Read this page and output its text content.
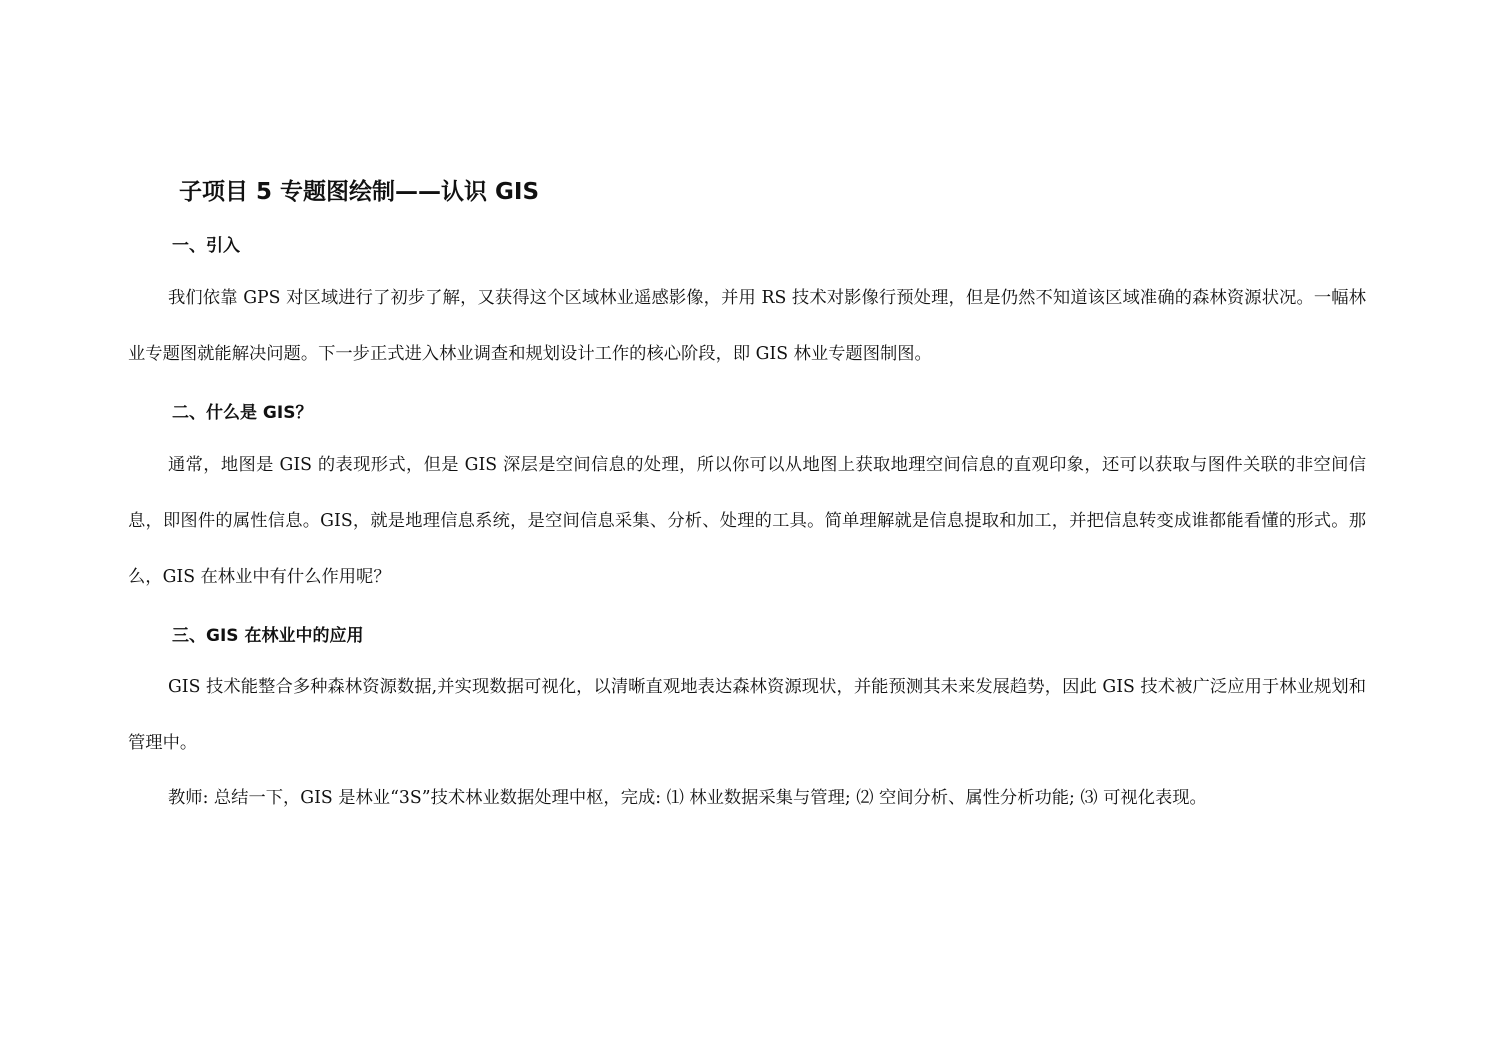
子项目 5 专题图绘制——认识 GIS
一、引入

我们依靠 GPS 对区域进行了初步了解，又获得这个区域林业遥感影像，并用 RS 技术对影像行预处理，但是仍然不知道该区域准确的森林资源状况。一幅林业专题图就能解决问题。下一步正式进入林业调查和规划设计工作的核心阶段，即 GIS 林业专题图制图。

二、什么是 GIS？

通常，地图是 GIS 的表现形式，但是 GIS 深层是空间信息的处理，所以你可以从地图上获取地理空间信息的直观印象，还可以获取与图件关联的非空间信息，即图件的属性信息。GIS，就是地理信息系统，是空间信息采集、分析、处理的工具。简单理解就是信息提取和加工，并把信息转变成谁都能看懂的形式。那么，GIS 在林业中有什么作用呢？

三、GIS 在林业中的应用

GIS 技术能整合多种森林资源数据,并实现数据可视化，以清晰直观地表达森林资源现状，并能预测其未来发展趋势，因此 GIS 技术被广泛应用于林业规划和管理中。

教师: 总结一下，GIS 是林业“3S”技术林业数据处理中枢，完成: ⑴ 林业数据采集与管理; ⑵ 空间分析、属性分析功能; ⑶ 可视化表现。
